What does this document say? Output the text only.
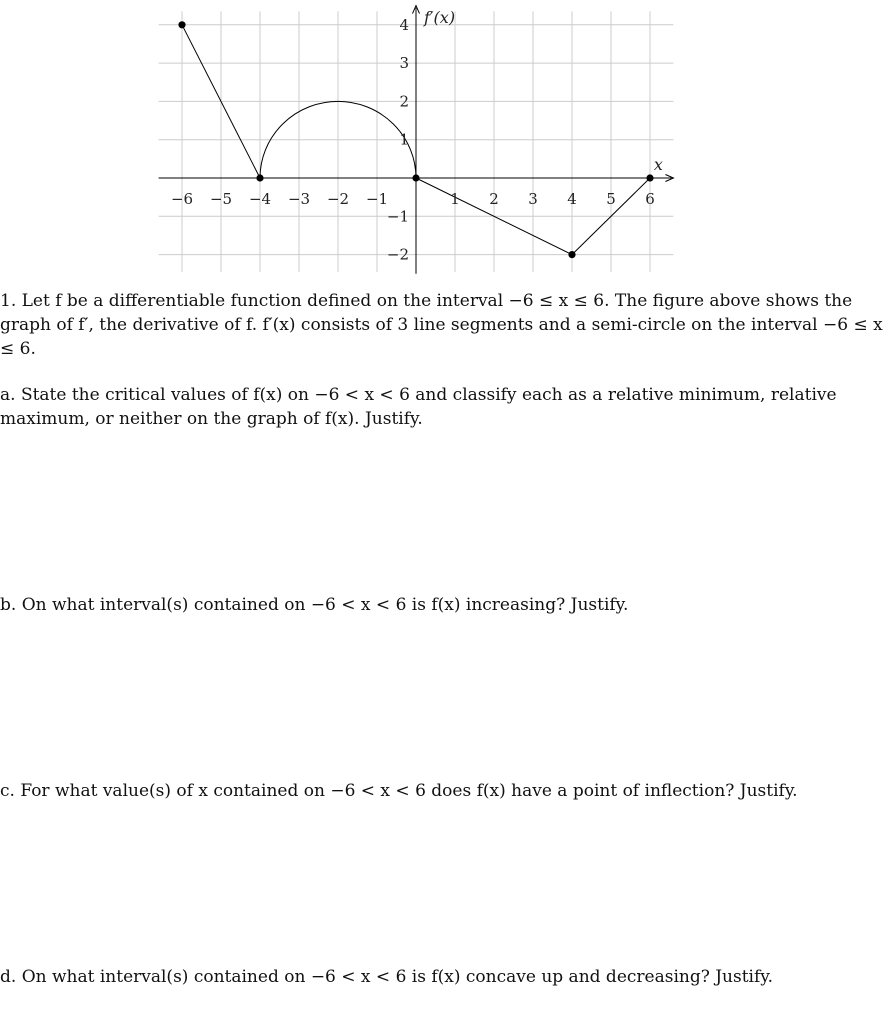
−6 −5 −4 −3 −2 −1	1 2 3 4 5 6
−2
−1
1
2
3
4
x
f′(x)

1. Let f be a differentiable function defined on the interval −6 ≤ x ≤ 6. The figure above shows the graph of f′, the derivative of f. f′(x) consists of 3 line segments and a semi-circle on the interval −6 ≤ x ≤ 6.

a. State the critical values of f(x) on −6 < x < 6 and classify each as a relative minimum, relative maximum, or neither on the graph of f(x). Justify.

b. On what interval(s) contained on −6 < x < 6 is f(x) increasing? Justify.

c. For what value(s) of x contained on −6 < x < 6 does f(x) have a point of inflection? Justify.

d. On what interval(s) contained on −6 < x < 6 is f(x) concave up and decreasing? Justify.
